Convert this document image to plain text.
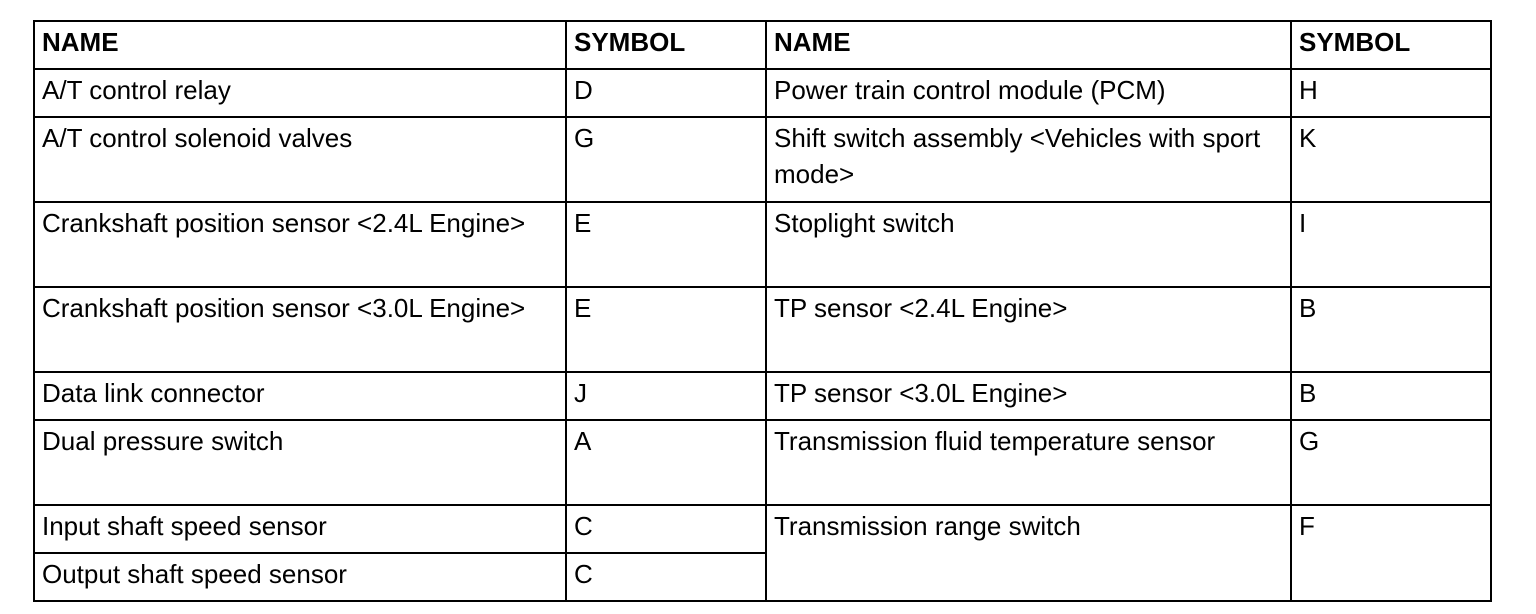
NAME	SYMBOL	NAME	SYMBOL
A/T control relay	D	Power train control module (PCM)	H
A/T control solenoid valves	G	Shift switch assembly <Vehicles with sport mode>	K
Crankshaft position sensor <2.4L Engine>	E	Stoplight switch	I
Crankshaft position sensor <3.0L Engine>	E	TP sensor <2.4L Engine>	B
Data link connector	J	TP sensor <3.0L Engine>	B
Dual pressure switch	A	Transmission fluid temperature sensor	G
Input shaft speed sensor	C	Transmission range switch	F
Output shaft speed sensor	C		
